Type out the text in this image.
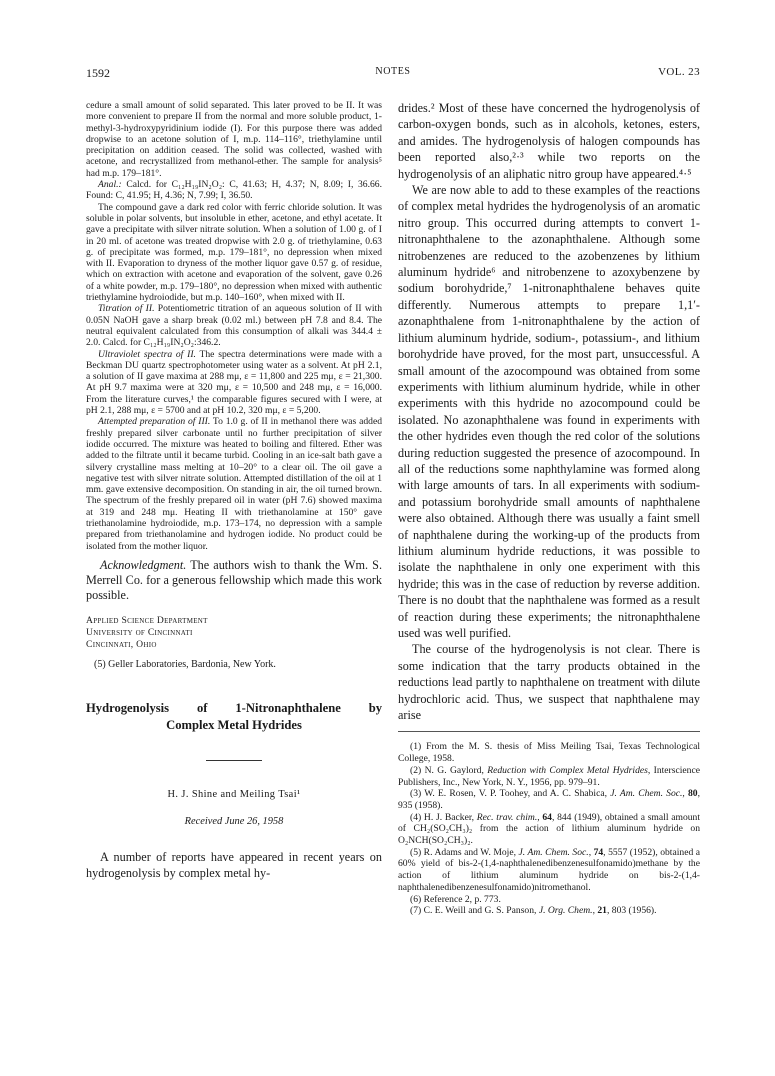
NOTES
1592	VOL. 23

cedure a small amount of solid separated. This later proved to be II. It was more convenient to prepare II from the normal and more soluble product, 1-methyl-3-hydroxypyridinium iodide (I). For this purpose there was added dropwise to an acetone solution of I, m.p. 114–116°, triethylamine until precipitation on addition ceased. The solid was collected, washed with acetone, and recrystallized from methanol-ether. The sample for analysis⁵ had m.p. 179–181°.

Anal.: Calcd. for C₁₂H₁₉IN₂O₂: C, 41.63; H, 4.37; N, 8.09; I, 36.66. Found: C, 41.95; H, 4.36; N, 7.99; I, 36.50.

The compound gave a dark red color with ferric chloride solution. It was soluble in polar solvents, but insoluble in ether, acetone, and ethyl acetate. It gave a precipitate with silver nitrate solution. When a solution of 1.00 g. of I in 20 ml. of acetone was treated dropwise with 2.0 g. of triethylamine, 0.63 g. of precipitate was formed, m.p. 179–181°, no depression when mixed with II. Evaporation to dryness of the mother liquor gave 0.57 g. of residue, which on extraction with acetone and evaporation of the solvent, gave 0.26 of a white powder, m.p. 179–180°, no depression when mixed with authentic triethylamine hydroiodide, but m.p. 140–160°, when mixed with II.

Titration of II. Potentiometric titration of an aqueous solution of II with 0.05N NaOH gave a sharp break (0.02 ml.) between pH 7.8 and 8.4. The neutral equivalent calculated from this consumption of alkali was 344.4 ± 2.0. Calcd. for C₁₂H₁₉IN₂O₂:346.2.

Ultraviolet spectra of II. The spectra determinations were made with a Beckman DU quartz spectrophotometer using water as a solvent. At pH 2.1, a solution of II gave maxima at 288 mμ, ε = 11,800 and 225 mμ, ε = 21,300. At pH 9.7 maxima were at 320 mμ, ε = 10,500 and 248 mμ, ε = 16,000. From the literature curves,¹ the comparable figures secured with I were, at pH 2.1, 288 mμ, ε = 5700 and at pH 10.2, 320 mμ, ε = 5,200.

Attempted preparation of III. To 1.0 g. of II in methanol there was added freshly prepared silver carbonate until no further precipitation of silver iodide occurred. The mixture was heated to boiling and filtered. Ether was added to the filtrate until it became turbid. Cooling in an ice-salt bath gave a silvery crystalline mass melting at 10–20° to a clear oil. The oil gave a negative test with silver nitrate solution. Attempted distillation of the oil at 1 mm. gave extensive decomposition. On standing in air, the oil turned brown. The spectrum of the freshly prepared oil in water (pH 7.6) showed maxima at 319 and 248 mμ. Heating II with triethanolamine at 150° gave triethanolamine hydroiodide, m.p. 173–174, no depression with a sample prepared from triethanolamine and hydrogen iodide. No product could be isolated from the mother liquor.

Acknowledgment. The authors wish to thank the Wm. S. Merrell Co. for a generous fellowship which made this work possible.

Applied Science Department
University of Cincinnati
Cincinnati, Ohio
(5) Geller Laboratories, Bardonia, New York.
Hydrogenolysis of 1-Nitronaphthalene by
Complex Metal Hydrides
H. J. Shine and Meiling Tsai¹
Received June 26, 1958
A number of reports have appeared in recent years on hydrogenolysis by complex metal hy-

drides.² Most of these have concerned the hydrogenolysis of carbon-oxygen bonds, such as in alcohols, ketones, esters, and amides. The hydrogenolysis of halogen compounds has been reported also,²·³ while two reports on the hydrogenolysis of an aliphatic nitro group have appeared.⁴·⁵

We are now able to add to these examples of the reactions of complex metal hydrides the hydrogenolysis of an aromatic nitro group. This occurred during attempts to convert 1-nitronaphthalene to the azonaphthalene. Although some nitrobenzenes are reduced to the azobenzenes by lithium aluminum hydride⁶ and nitrobenzene to azoxybenzene by sodium borohydride,⁷ 1-nitronaphthalene behaves quite differently. Numerous attempts to prepare 1,1′-azonaphthalene from 1-nitronaphthalene by the action of lithium aluminum hydride, sodium-, potassium-, and lithium borohydride have proved, for the most part, unsuccessful. A small amount of the azocompound was obtained from some experiments with lithium aluminum hydride, while in other experiments with this hydride no azocompound could be isolated. No azonaphthalene was found in experiments with the other hydrides even though the red color of the solutions during reduction suggested the presence of azocompound. In all of the reductions some naphthylamine was formed along with large amounts of tars. In all experiments with sodium- and potassium borohydride small amounts of naphthalene were also obtained. Although there was usually a faint smell of naphthalene during the working-up of the products from lithium aluminum hydride reductions, it was possible to isolate the naphthalene in only one experiment with this hydride; this was in the case of reduction by reverse addition. There is no doubt that the naphthalene was formed as a result of reaction during these experiments; the nitronaphthalene used was well purified.

The course of the hydrogenolysis is not clear. There is some indication that the tarry products obtained in the reductions lead partly to naphthalene on treatment with dilute hydrochloric acid. Thus, we suspect that naphthalene may arise

(1) From the M. S. thesis of Miss Meiling Tsai, Texas Technological College, 1958.
(2) N. G. Gaylord, Reduction with Complex Metal Hydrides, Interscience Publishers, Inc., New York, N. Y., 1956, pp. 979–91.
(3) W. E. Rosen, V. P. Toohey, and A. C. Shabica, J. Am. Chem. Soc., 80, 935 (1958).
(4) H. J. Backer, Rec. trav. chim., 64, 844 (1949), obtained a small amount of CH₂(SO₂CH₃)₂ from the action of lithium aluminum hydride on O₂NCH(SO₂CH₃)₂.
(5) R. Adams and W. Moje, J. Am. Chem. Soc., 74, 5557 (1952), obtained a 60% yield of bis-2-(1,4-naphthalenedibenzenesulfonamido)methane by the action of lithium aluminum hydride on bis-2-(1,4-naphthalenedibenzenesulfonamido)nitromethanol.
(6) Reference 2, p. 773.
(7) C. E. Weill and G. S. Panson, J. Org. Chem., 21, 803 (1956).
